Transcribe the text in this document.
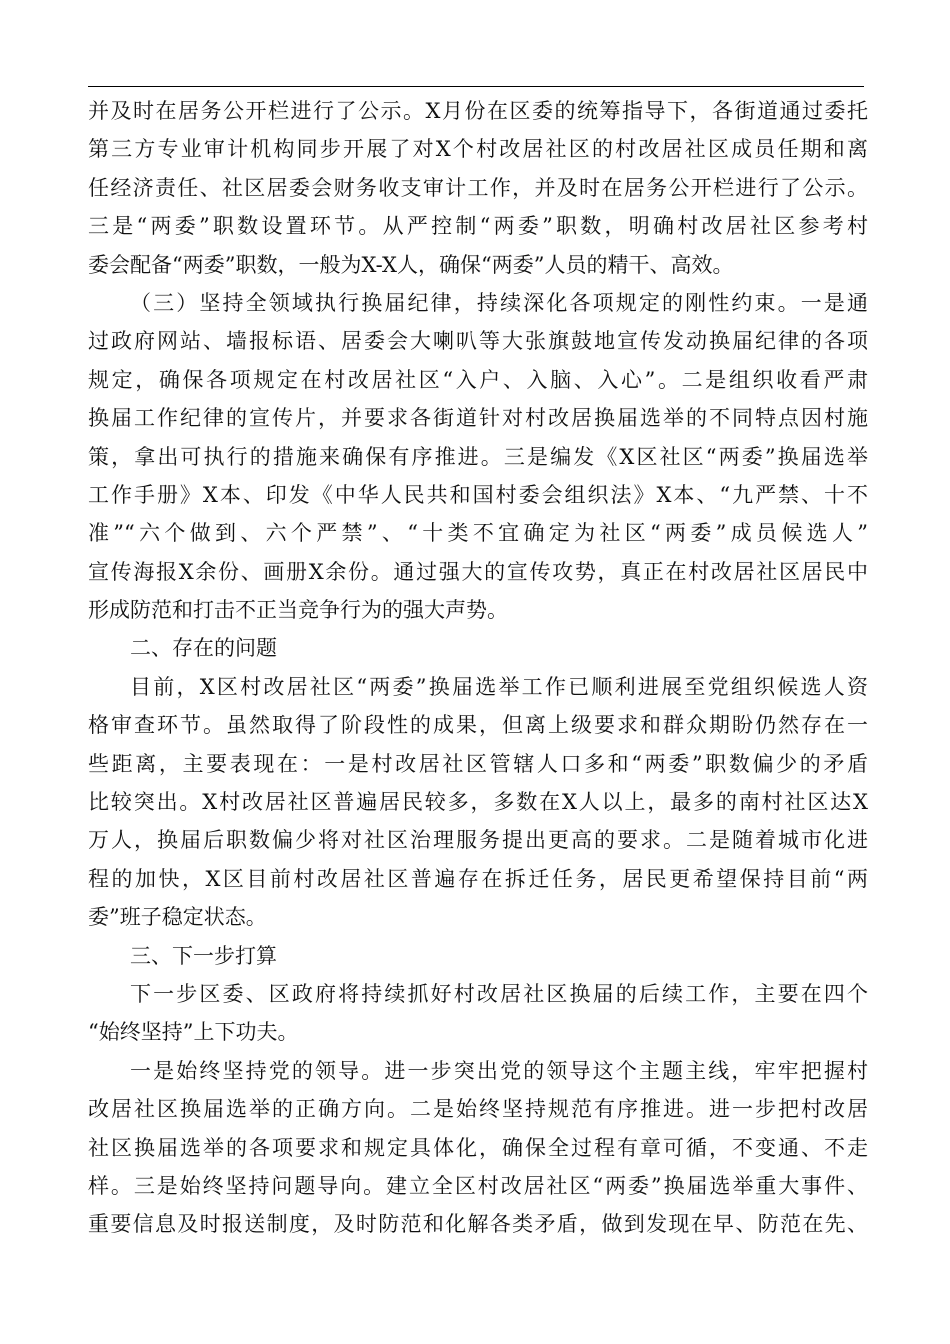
并及时在居务公开栏进行了公示。X月份在区委的统筹指导下，各街道通过委托
第三方专业审计机构同步开展了对X个村改居社区的村改居社区成员任期和离
任经济责任、社区居委会财务收支审计工作，并及时在居务公开栏进行了公示。
三是“两委”职数设置环节。从严控制“两委”职数，明确村改居社区参考村
委会配备“两委”职数，一般为X-X人，确保“两委”人员的精干、高效。
（三）坚持全领域执行换届纪律，持续深化各项规定的刚性约束。一是通
过政府网站、墙报标语、居委会大喇叭等大张旗鼓地宣传发动换届纪律的各项
规定，确保各项规定在村改居社区“入户、入脑、入心”。二是组织收看严肃
换届工作纪律的宣传片，并要求各街道针对村改居换届选举的不同特点因村施
策，拿出可执行的措施来确保有序推进。三是编发《X区社区“两委”换届选举
工作手册》X本、印发《中华人民共和国村委会组织法》X本、“九严禁、十不
准”“六个做到、六个严禁”、“十类不宜确定为社区“两委”成员候选人”
宣传海报X余份、画册X余份。通过强大的宣传攻势，真正在村改居社区居民中
形成防范和打击不正当竞争行为的强大声势。
二、存在的问题
目前，X区村改居社区“两委”换届选举工作已顺利进展至党组织候选人资
格审查环节。虽然取得了阶段性的成果，但离上级要求和群众期盼仍然存在一
些距离，主要表现在：一是村改居社区管辖人口多和“两委”职数偏少的矛盾
比较突出。X村改居社区普遍居民较多，多数在X人以上，最多的南村社区达X
万人，换届后职数偏少将对社区治理服务提出更高的要求。二是随着城市化进
程的加快，X区目前村改居社区普遍存在拆迁任务，居民更希望保持目前“两
委”班子稳定状态。
三、下一步打算
下一步区委、区政府将持续抓好村改居社区换届的后续工作，主要在四个
“始终坚持”上下功夫。
一是始终坚持党的领导。进一步突出党的领导这个主题主线，牢牢把握村
改居社区换届选举的正确方向。二是始终坚持规范有序推进。进一步把村改居
社区换届选举的各项要求和规定具体化，确保全过程有章可循，不变通、不走
样。三是始终坚持问题导向。建立全区村改居社区“两委”换届选举重大事件、
重要信息及时报送制度，及时防范和化解各类矛盾，做到发现在早、防范在先、
